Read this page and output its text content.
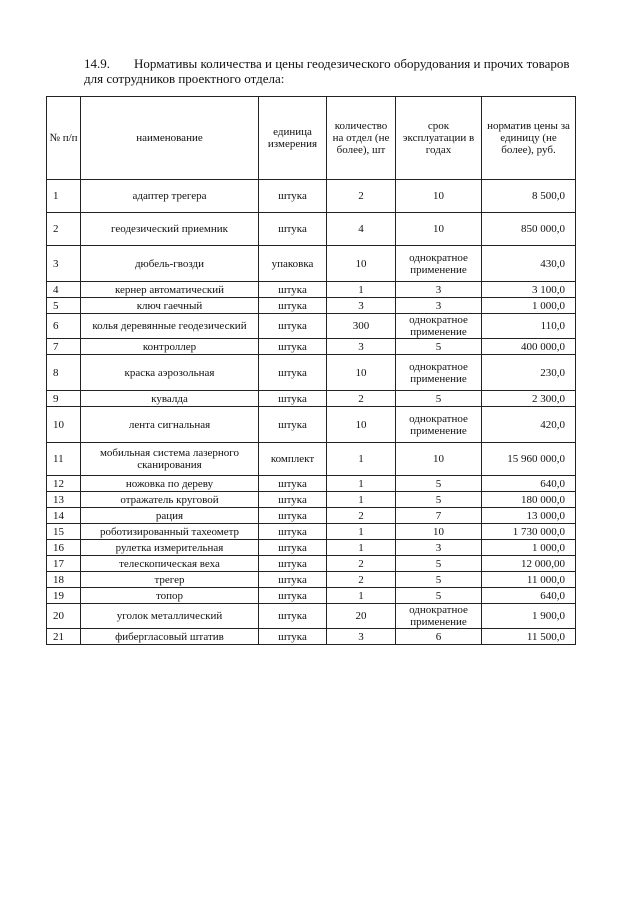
14.9. Нормативы количества и цены геодезического оборудования и прочих товаров
для сотрудников проектного отдела:
№ п/п	наименование	единица измерения	количество на отдел (не более), шт	срок эксплуатации в годах	норматив цены за единицу (не более), руб.
1	адаптер трегера	штука	2	10	8 500,0
2	геодезический приемник	штука	4	10	850 000,0
3	дюбель-гвозди	упаковка	10	однократное применение	430,0
4	кернер автоматический	штука	1	3	3 100,0
5	ключ гаечный	штука	3	3	1 000,0
6	колья деревянные геодезический	штука	300	однократное применение	110,0
7	контроллер	штука	3	5	400 000,0
8	краска аэрозольная	штука	10	однократное применение	230,0
9	кувалда	штука	2	5	2 300,0
10	лента сигнальная	штука	10	однократное применение	420,0
11	мобильная система лазерного сканирования	комплект	1	10	15 960 000,0
12	ножовка по дереву	штука	1	5	640,0
13	отражатель круговой	штука	1	5	180 000,0
14	рация	штука	2	7	13 000,0
15	роботизированный тахеометр	штука	1	10	1 730 000,0
16	рулетка измерительная	штука	1	3	1 000,0
17	телескопическая веха	штука	2	5	12 000,00
18	трегер	штука	2	5	11 000,0
19	топор	штука	1	5	640,0
20	уголок металлический	штука	20	однократное применение	1 900,0
21	фибергласовый штатив	штука	3	6	11 500,0
